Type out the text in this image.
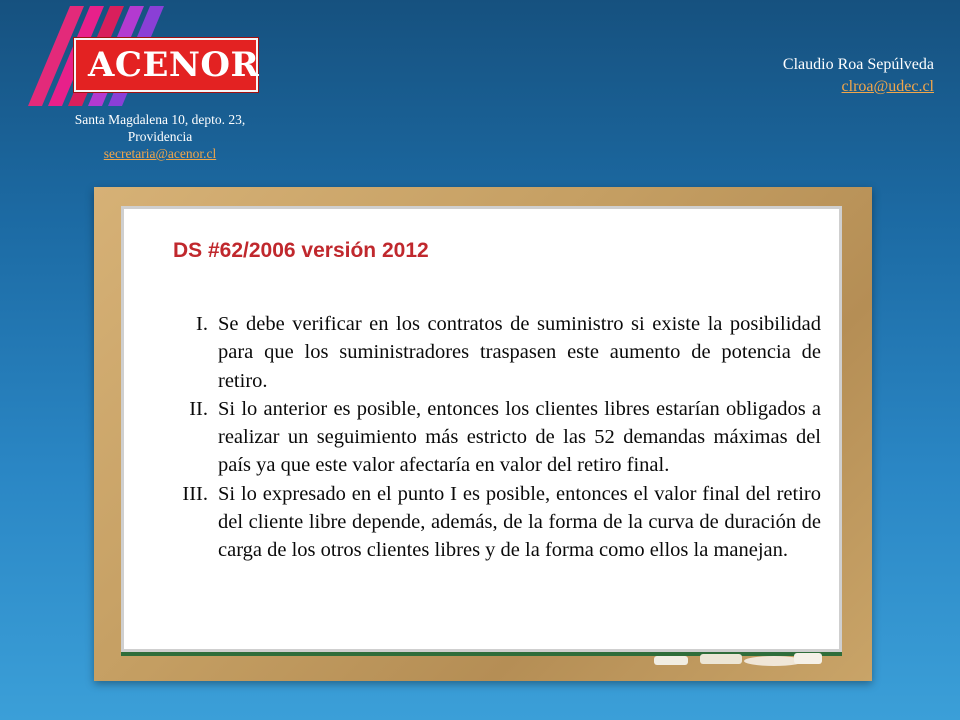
ACENOR
Santa Magdalena 10, depto. 23,
Providencia
secretaria@acenor.cl
Claudio Roa Sepúlveda
clroa@udec.cl
DS #62/2006 versión 2012
I. Se debe verificar en los contratos de suministro si existe la posibilidad para que los suministradores traspasen este aumento de potencia de retiro.
II. Si lo anterior es posible, entonces los clientes libres estarían obligados a realizar un seguimiento más estricto de las 52 demandas máximas del país ya que este valor afectaría en valor del retiro final.
III. Si lo expresado en el punto I es posible, entonces el valor final del retiro del cliente libre depende, además, de la forma de la curva de duración de carga de los otros clientes libres y de la forma como ellos la manejan.
